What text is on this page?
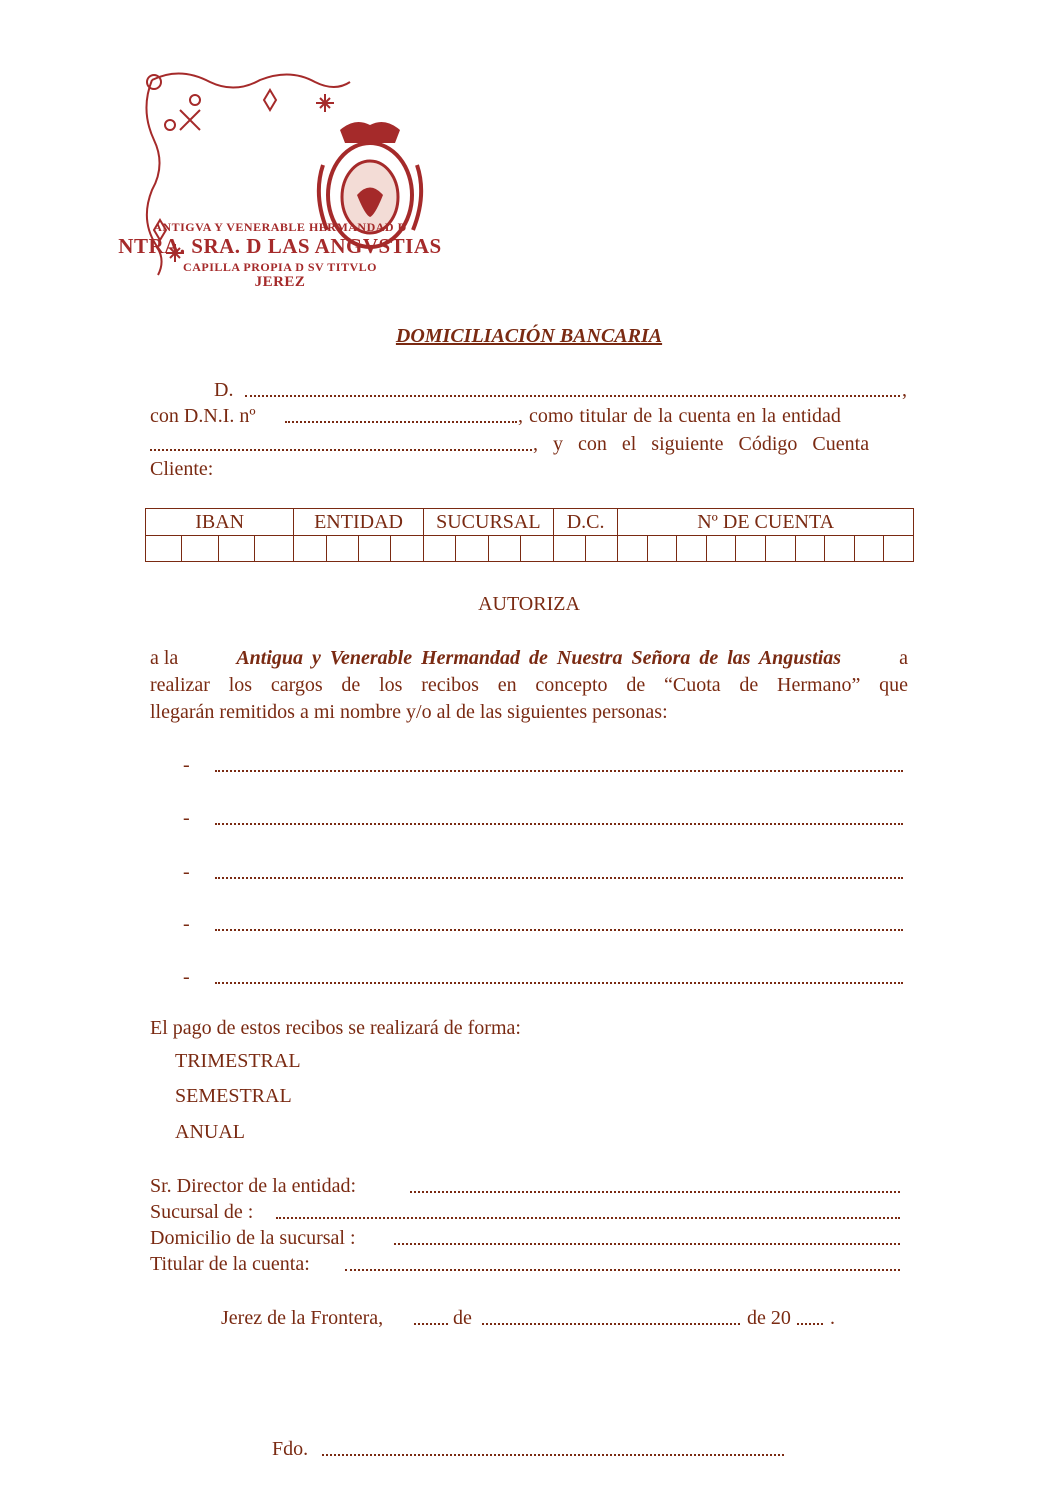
ANTIGVA Y VENERABLE HERMANDAD D
NTRA. SRA. D LAS ANGVSTIAS
CAPILLA PROPIA D SV TITVLO
JEREZ
DOMICILIACIÓN BANCARIA
D.	,
con D.N.I. nº	, como titular de la cuenta en la entidad
, y con el siguiente Código Cuenta
Cliente:
IBAN				ENTIDAD				SUCURSAL				D.C.		Nº DE CUENTA									

AUTORIZA
a la	Antigua y Venerable Hermandad de Nuestra Señora de las Angustias	a
realizar los cargos de los recibos en concepto de “Cuota de Hermano” que
llegarán remitidos a mi nombre y/o al de las siguientes personas:
-
-
-
-
-
El pago de estos recibos se realizará de forma:
TRIMESTRAL
SEMESTRAL
ANUAL
Sr. Director de la entidad:
Sucursal de :
Domicilio de la sucursal :
Titular de la cuenta:
Jerez de la Frontera,	de	de 20 .
Fdo.
